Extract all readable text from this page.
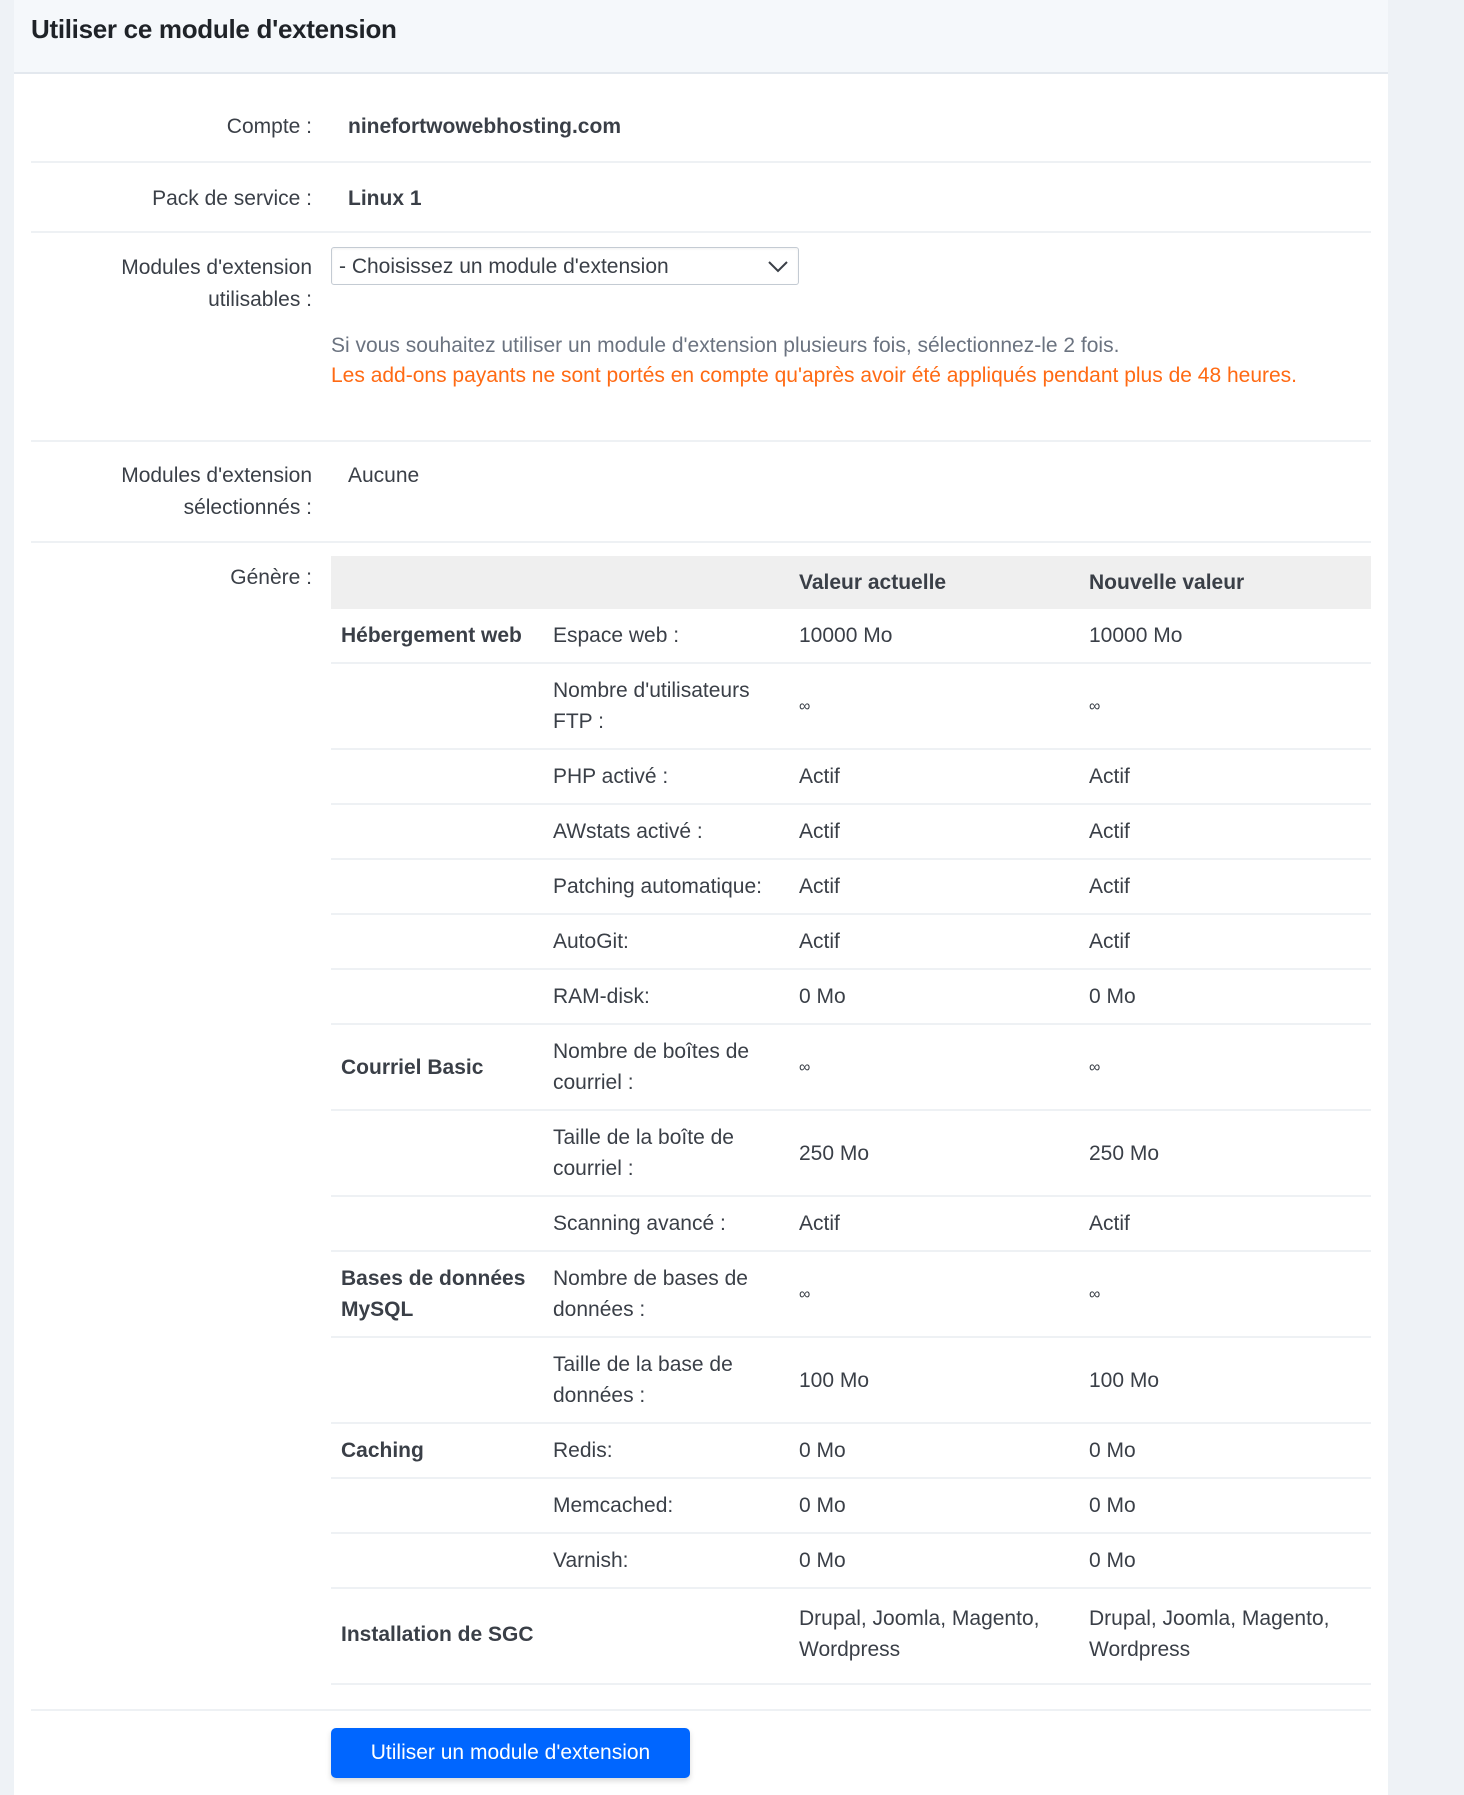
Utiliser ce module d'extension
Compte : ninefortwowebhosting.com
Pack de service : Linux 1
Modules d'extension utilisables :
- Choisissez un module d'extension
Si vous souhaitez utiliser un module d'extension plusieurs fois, sélectionnez-le 2 fois.
Les add-ons payants ne sont portés en compte qu'après avoir été appliqués pendant plus de 48 heures.
Modules d'extension sélectionnés :
Aucune
Génère :
			Valeur actuelle	Nouvelle valeur
Hébergement web	Espace web :	10000 Mo	10000 Mo
	Nombre d'utilisateurs FTP :	∞	∞
	PHP activé :	Actif	Actif
	AWstats activé :	Actif	Actif
	Patching automatique:	Actif	Actif
	AutoGit:	Actif	Actif
	RAM-disk:	0 Mo	0 Mo
Courriel Basic	Nombre de boîtes de courriel :	∞	∞
	Taille de la boîte de courriel :	250 Mo	250 Mo
	Scanning avancé :	Actif	Actif
Bases de données MySQL	Nombre de bases de données :	∞	∞
	Taille de la base de données :	100 Mo	100 Mo
Caching	Redis:	0 Mo	0 Mo
	Memcached:	0 Mo	0 Mo
	Varnish:	0 Mo	0 Mo
Installation de SGC		Drupal, Joomla, Magento, Wordpress	Drupal, Joomla, Magento, Wordpress
Utiliser un module d'extension
